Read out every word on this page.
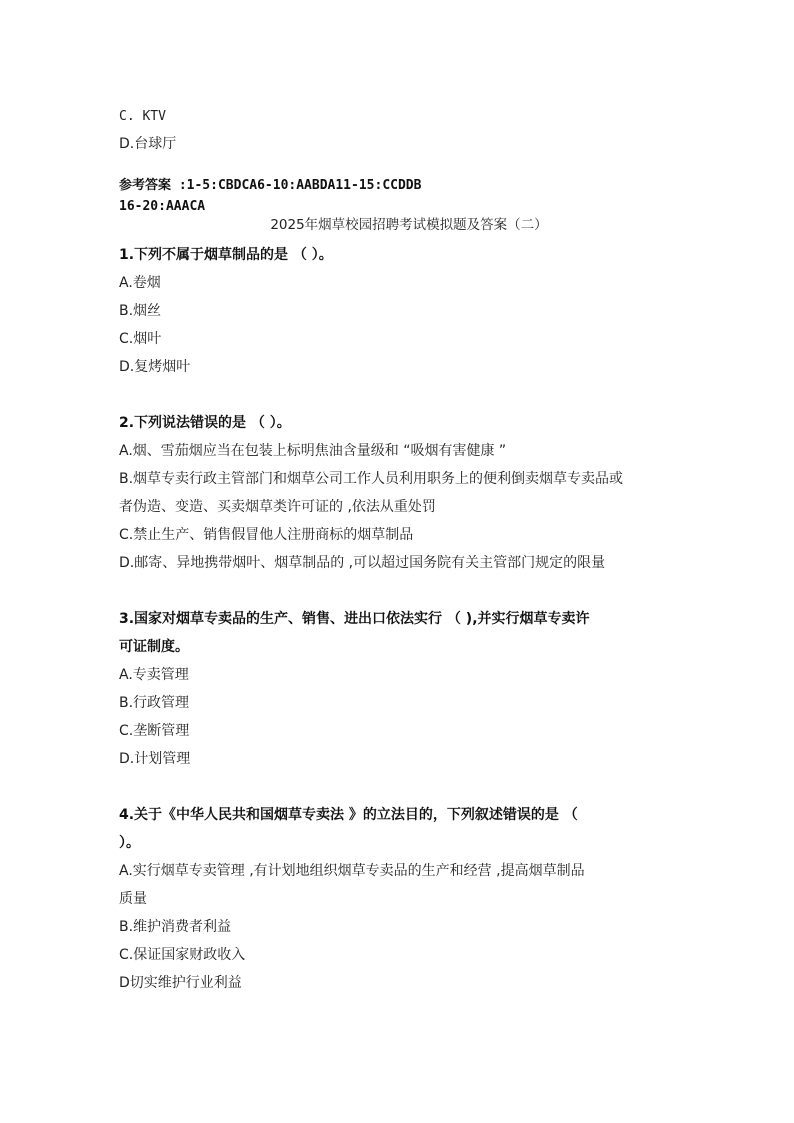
C. KTV
D.台球厅
参考答案 :1-5:CBDCA6-10:AABDA11-15:CCDDB
16-20:AAACA
2025年烟草校园招聘考试模拟题及答案（二）
1.下列不属于烟草制品的是 （ ）。
A.卷烟
B.烟丝
C.烟叶
D.复烤烟叶
2.下列说法错误的是 （ ）。
A.烟、雪茄烟应当在包装上标明焦油含量级和 “吸烟有害健康 ”
B.烟草专卖行政主管部门和烟草公司工作人员利用职务上的便利倒卖烟草专卖品或
者伪造、变造、买卖烟草类许可证的 ,依法从重处罚
C.禁止生产、销售假冒他人注册商标的烟草制品
D.邮寄、异地携带烟叶、烟草制品的 ,可以超过国务院有关主管部门规定的限量
3.国家对烟草专卖品的生产、销售、进出口依法实行 （ ),并实行烟草专卖许
可证制度。
A.专卖管理
B.行政管理
C.垄断管理
D.计划管理
4.关于《中华人民共和国烟草专卖法 》的立法目的，下列叙述错误的是 （
）。
A.实行烟草专卖管理 ,有计划地组织烟草专卖品的生产和经营 ,提高烟草制品
质量
B.维护消费者利益
C.保证国家财政收入
D切实维护行业利益
